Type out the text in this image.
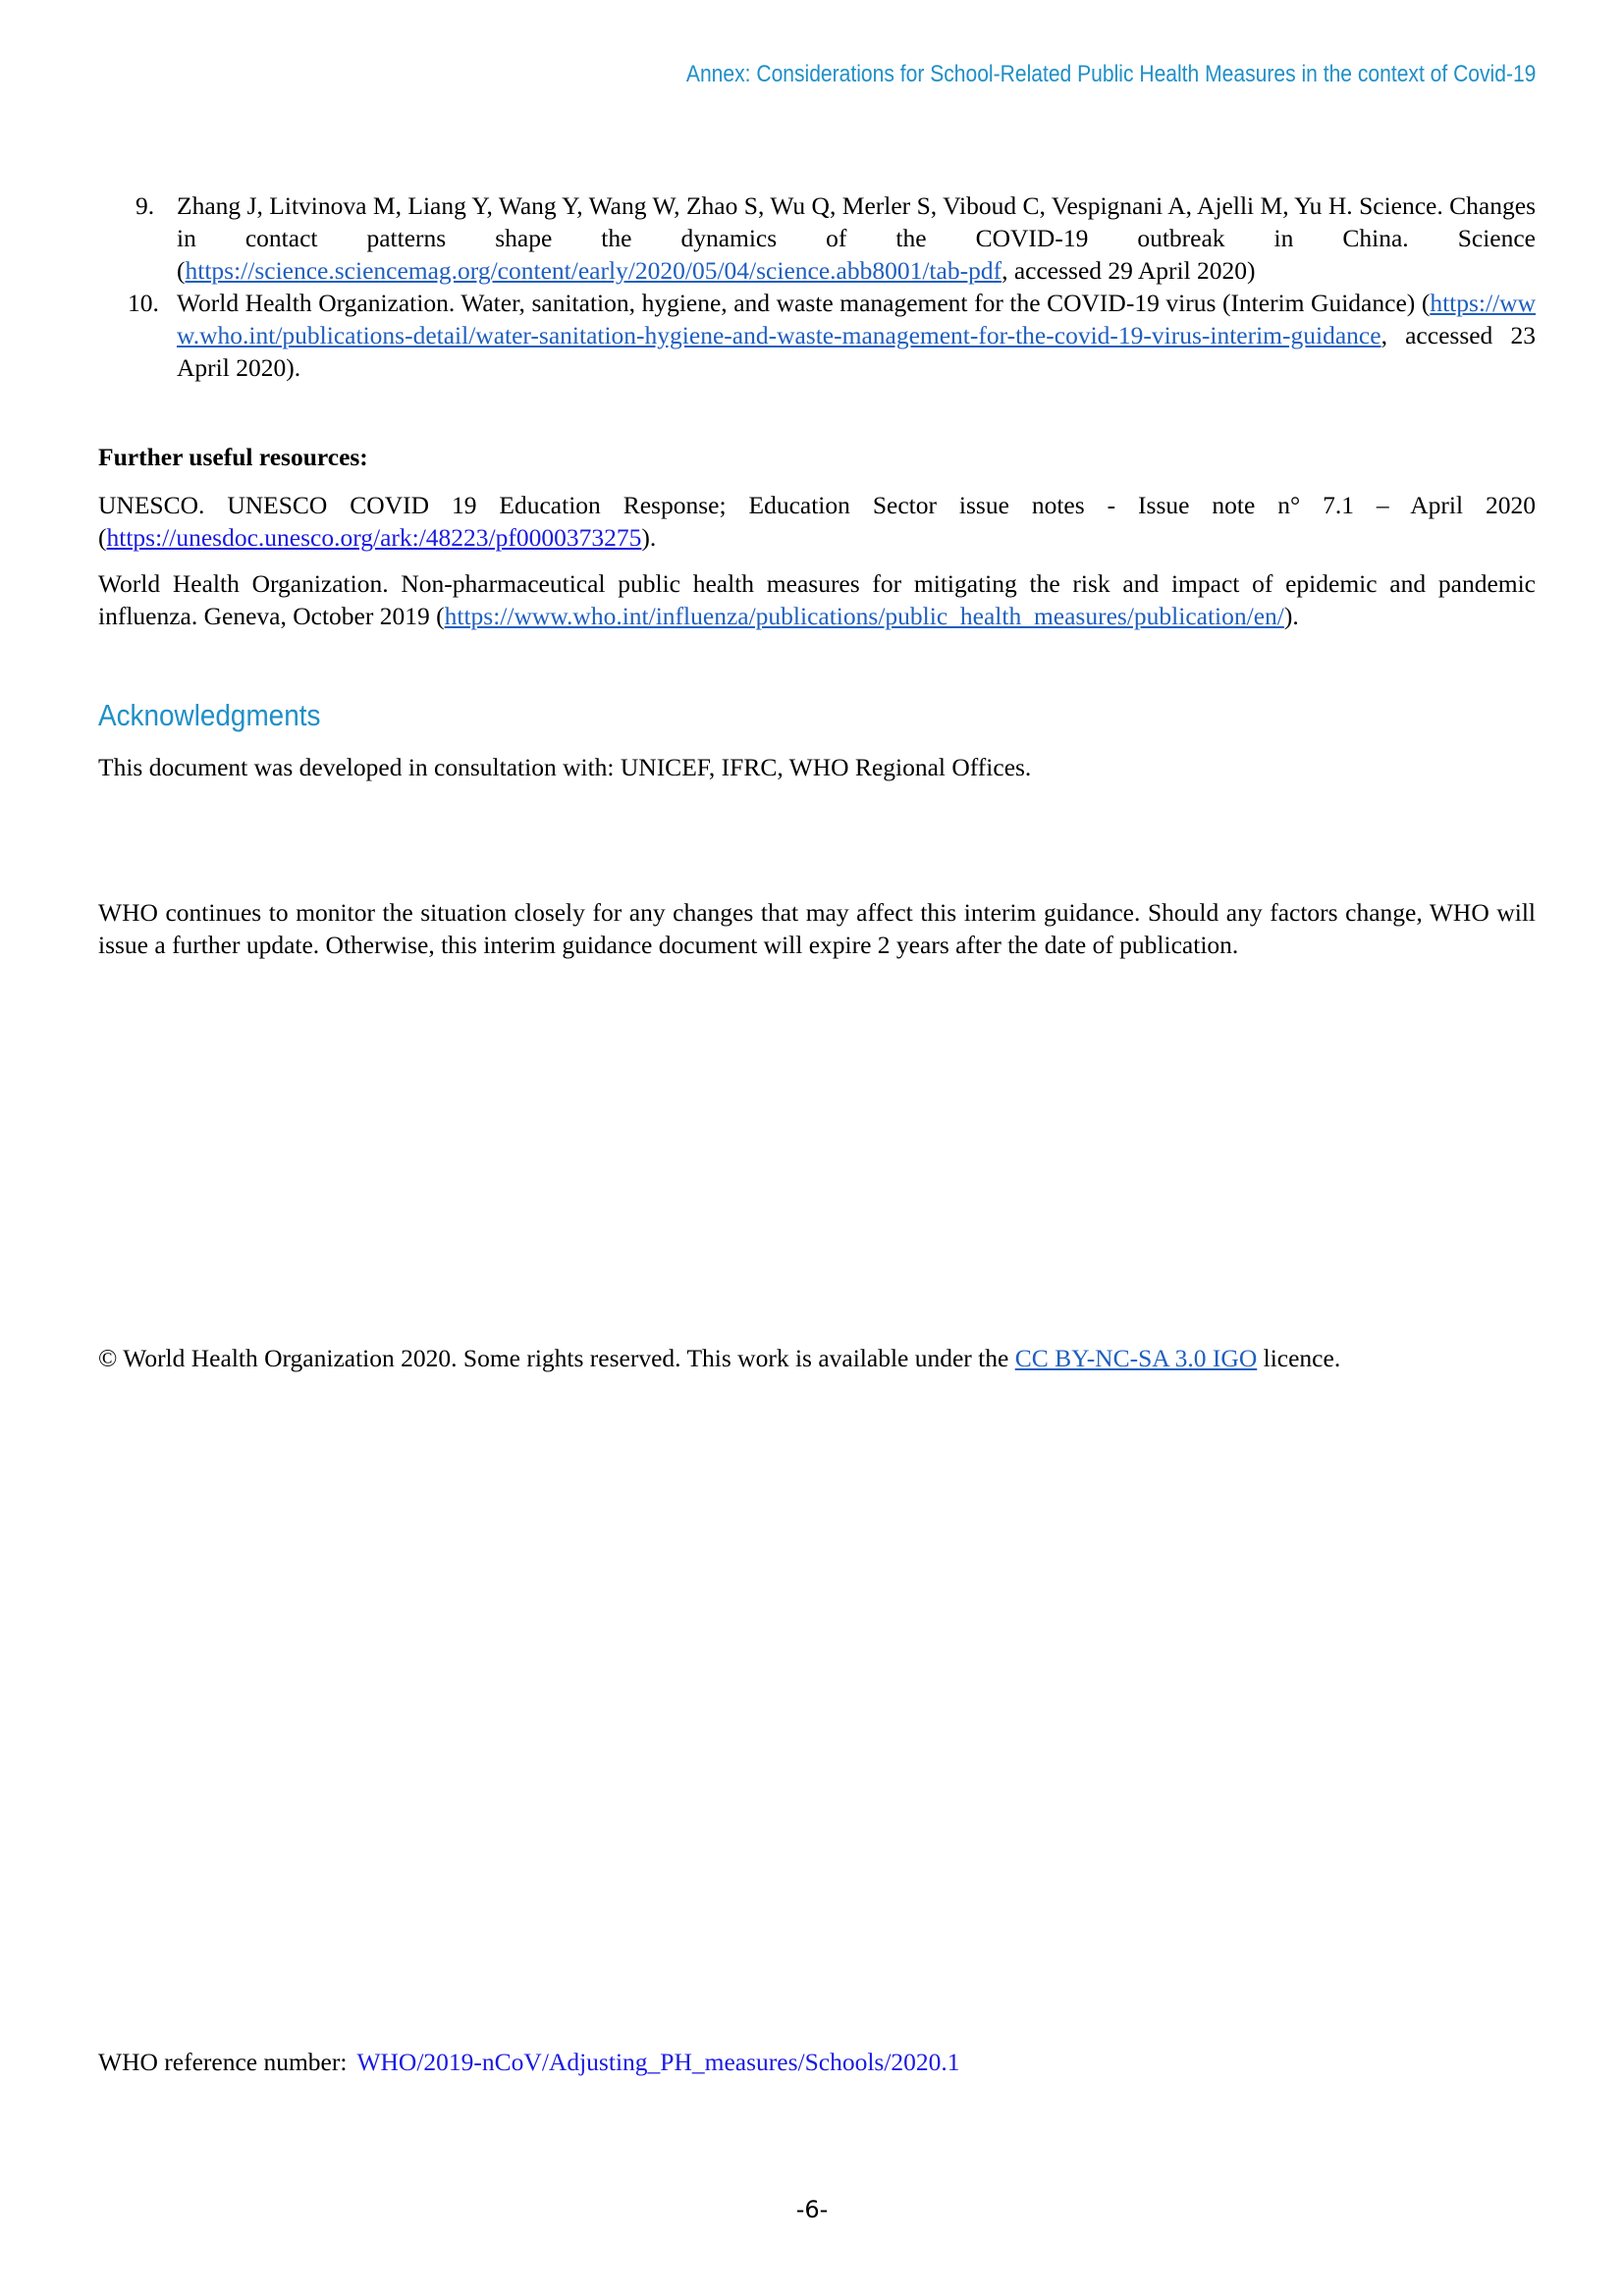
Annex: Considerations for School-Related Public Health Measures in the context of Covid-19
9. Zhang J, Litvinova M, Liang Y, Wang Y, Wang W, Zhao S, Wu Q, Merler S, Viboud C, Vespignani A, Ajelli M, Yu H. Science. Changes in contact patterns shape the dynamics of the COVID-19 outbreak in China. Science (https://science.sciencemag.org/content/early/2020/05/04/science.abb8001/tab-pdf, accessed 29 April 2020)
10. World Health Organization. Water, sanitation, hygiene, and waste management for the COVID-19 virus (Interim Guidance) (https://www.who.int/publications-detail/water-sanitation-hygiene-and-waste-management-for-the-covid-19-virus-interim-guidance, accessed 23 April 2020).
Further useful resources:

UNESCO. UNESCO COVID 19 Education Response; Education Sector issue notes - Issue note n° 7.1 – April 2020 (https://unesdoc.unesco.org/ark:/48223/pf0000373275).

World Health Organization. Non-pharmaceutical public health measures for mitigating the risk and impact of epidemic and pandemic influenza. Geneva, October 2019 (https://www.who.int/influenza/publications/public_health_measures/publication/en/).

Acknowledgments

This document was developed in consultation with: UNICEF, IFRC, WHO Regional Offices.

WHO continues to monitor the situation closely for any changes that may affect this interim guidance. Should any factors change, WHO will issue a further update. Otherwise, this interim guidance document will expire 2 years after the date of publication.

© World Health Organization 2020. Some rights reserved. This work is available under the CC BY-NC-SA 3.0 IGO licence.

WHO reference number: WHO/2019-nCoV/Adjusting_PH_measures/Schools/2020.1
-6-
